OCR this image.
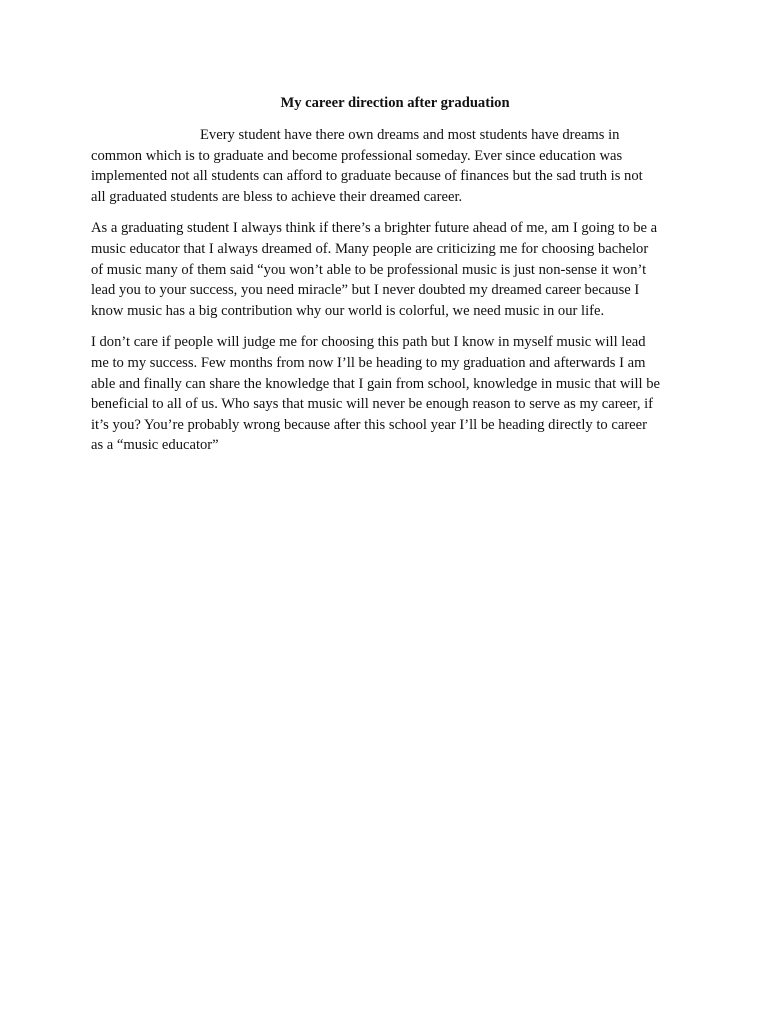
My career direction after graduation

Every student have there own dreams and most students have dreams in
common which is to graduate and become professional someday. Ever since education was
implemented not all students can afford to graduate because of finances but the sad truth is not
all graduated students are bless to achieve their dreamed career.

As a graduating student I always think if there’s a brighter future ahead of me, am I going to be a
music educator that I always dreamed of. Many people are criticizing me for choosing bachelor
of music many of them said “you won’t able to be professional music is just non-sense it won’t
lead you to your success, you need miracle” but I never doubted my dreamed career because I
know music has a big contribution why our world is colorful, we need music in our life.

I don’t care if people will judge me for choosing this path but I know in myself music will lead
me to my success. Few months from now I’ll be heading to my graduation and afterwards I am
able and finally can share the knowledge that I gain from school, knowledge in music that will be
beneficial to all of us. Who says that music will never be enough reason to serve as my career, if
it’s you? You’re probably wrong because after this school year I’ll be heading directly to career
as a “music educator”
